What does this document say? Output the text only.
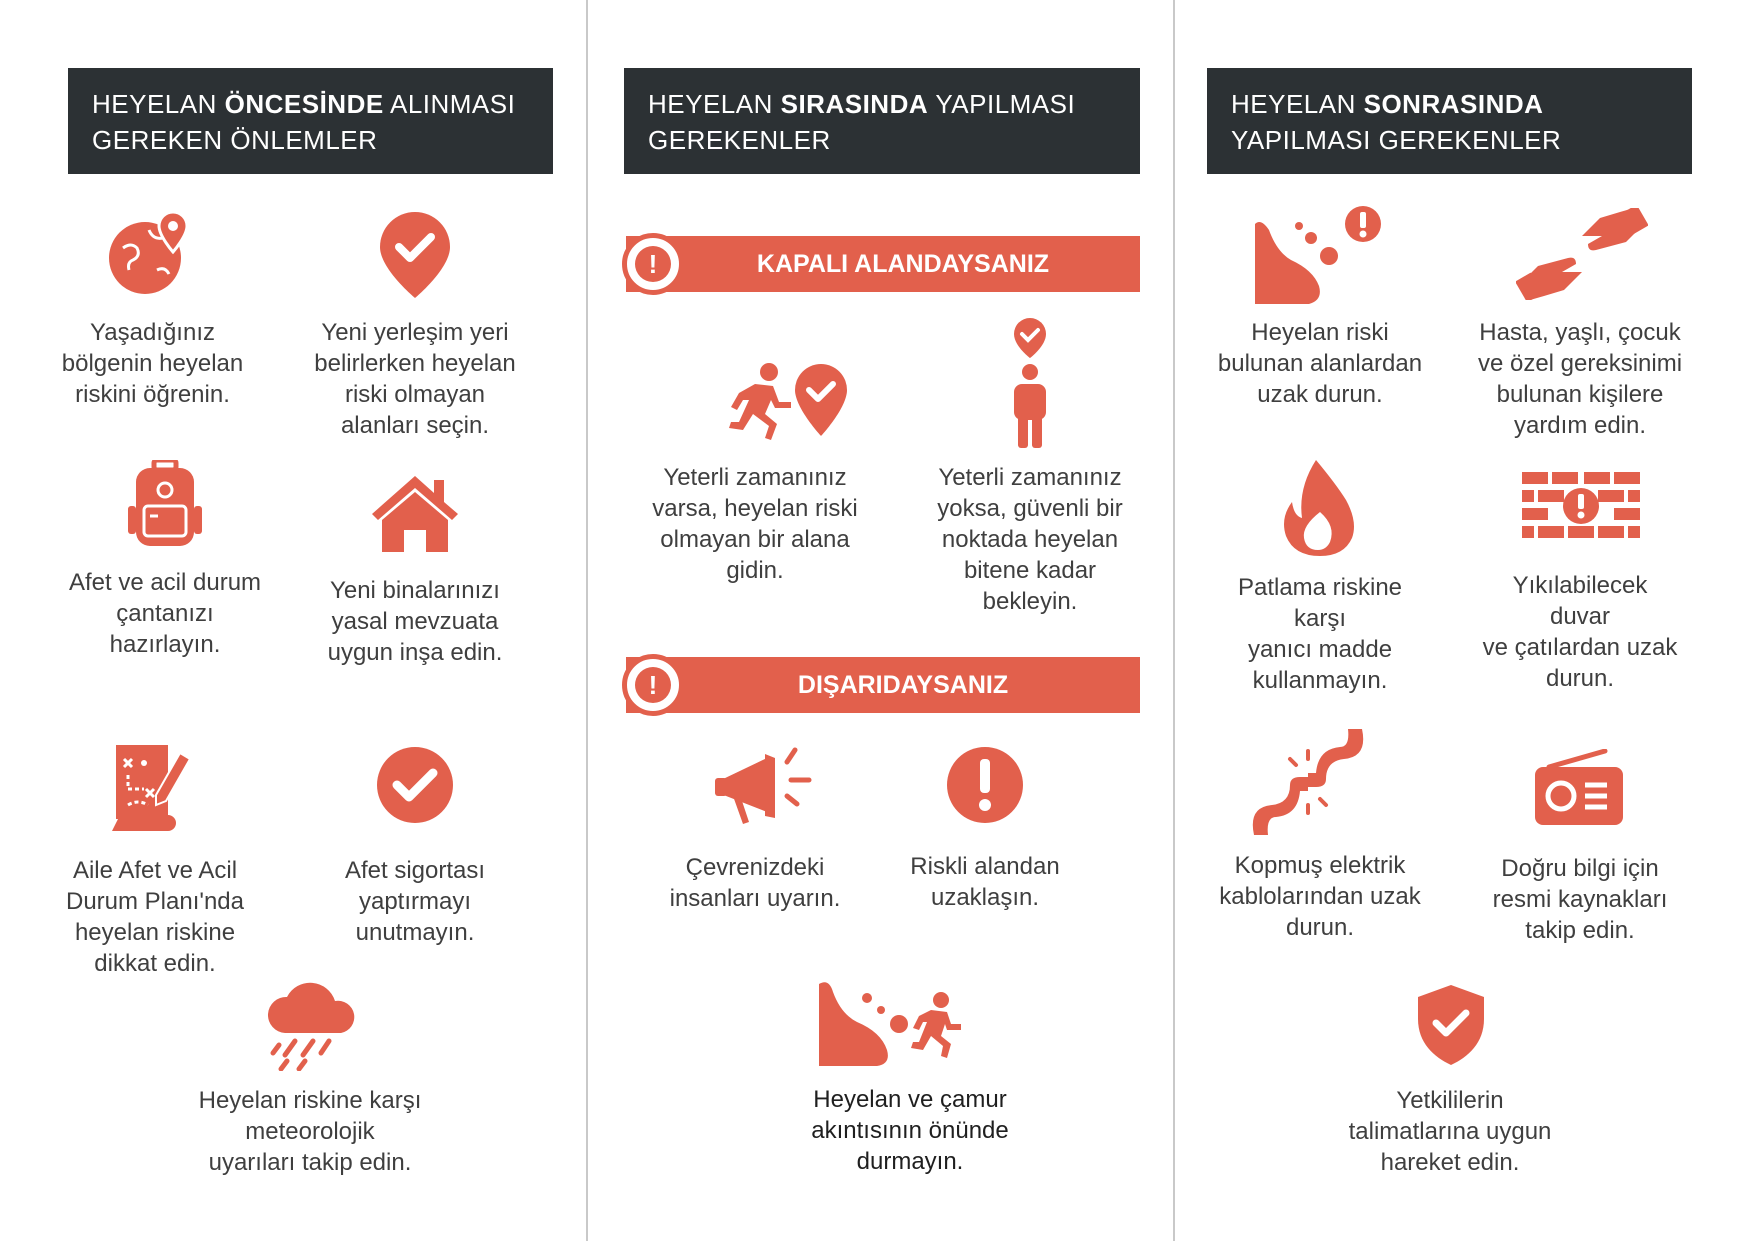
HEYELAN ÖNCESİNDE ALINMASI GEREKEN ÖNLEMLER
HEYELAN SIRASINDA YAPILMASI GEREKENLER
HEYELAN SONRASINDA YAPILMASI GEREKENLER
Yaşadığınız
bölgenin heyelan
riskini öğrenin.
Yeni yerleşim yeri
belirlerken heyelan
riski olmayan
alanları seçin.
Afet ve acil durum
çantanızı
hazırlayın.
Yeni binalarınızı
yasal mevzuata
uygun inşa edin.
Aile Afet ve Acil
Durum Planı'nda
heyelan riskine
dikkat edin.
Afet sigortası
yaptırmayı
unutmayın.
Heyelan riskine karşı
meteorolojik
uyarıları takip edin.
!	KAPALI ALANDAYSANIZ
Yeterli zamanınız
varsa, heyelan riski
olmayan bir alana
gidin.
Yeterli zamanınız
yoksa, güvenli bir
noktada heyelan
bitene kadar
bekleyin.
!	DIŞARIDAYSANIZ
Çevrenizdeki
insanları uyarın.
Riskli alandan
uzaklaşın.
Heyelan ve çamur
akıntısının önünde
durmayın.
Heyelan riski
bulunan alanlardan
uzak durun.
Hasta, yaşlı, çocuk
ve özel gereksinimi
bulunan kişilere
yardım edin.
Patlama riskine karşı
yanıcı madde
kullanmayın.
Yıkılabilecek duvar
ve çatılardan uzak
durun.
Kopmuş elektrik
kablolarından uzak
durun.
Doğru bilgi için
resmi kaynakları
takip edin.
Yetkililerin
talimatlarına uygun
hareket edin.
